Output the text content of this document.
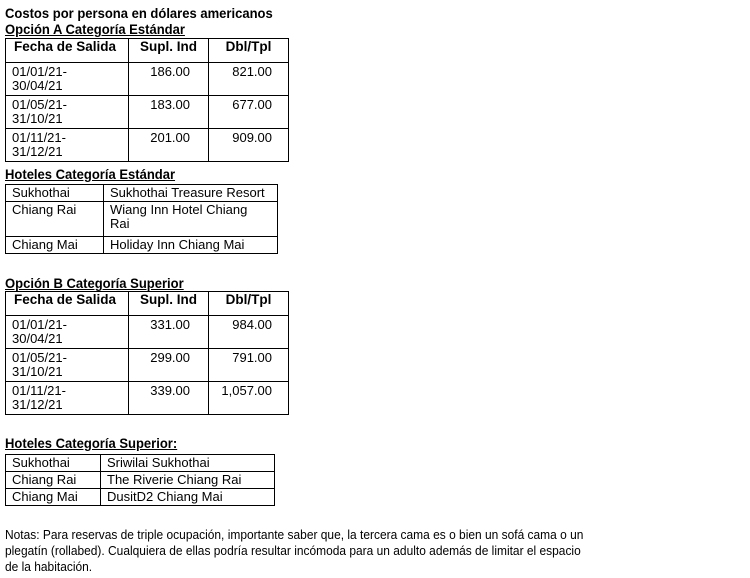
Costos por persona en dólares americanos
Opción A Categoría Estándar
Fecha de Salida	Supl. Ind	Dbl/Tpl
01/01/21-
30/04/21	186.00	821.00
01/05/21-
31/10/21	183.00	677.00
01/11/21-
31/12/21	201.00	909.00
Hoteles Categoría Estándar
Sukhothai	Sukhothai Treasure Resort
Chiang Rai	Wiang Inn Hotel Chiang
Rai
Chiang Mai	Holiday Inn Chiang Mai
Opción B Categoría Superior
Fecha de Salida	Supl. Ind	Dbl/Tpl
01/01/21-
30/04/21	331.00	984.00
01/05/21-
31/10/21	299.00	791.00
01/11/21-
31/12/21	339.00	1,057.00
Hoteles Categoría Superior:
Sukhothai	Sriwilai Sukhothai
Chiang Rai	The Riverie Chiang Rai
Chiang Mai	DusitD2 Chiang Mai
Notas: Para reservas de triple ocupación, importante saber que, la tercera cama es o bien un sofá cama o un plegatín (rollabed). Cualquiera de ellas podría resultar incómoda para un adulto además de limitar el espacio de la habitación.
